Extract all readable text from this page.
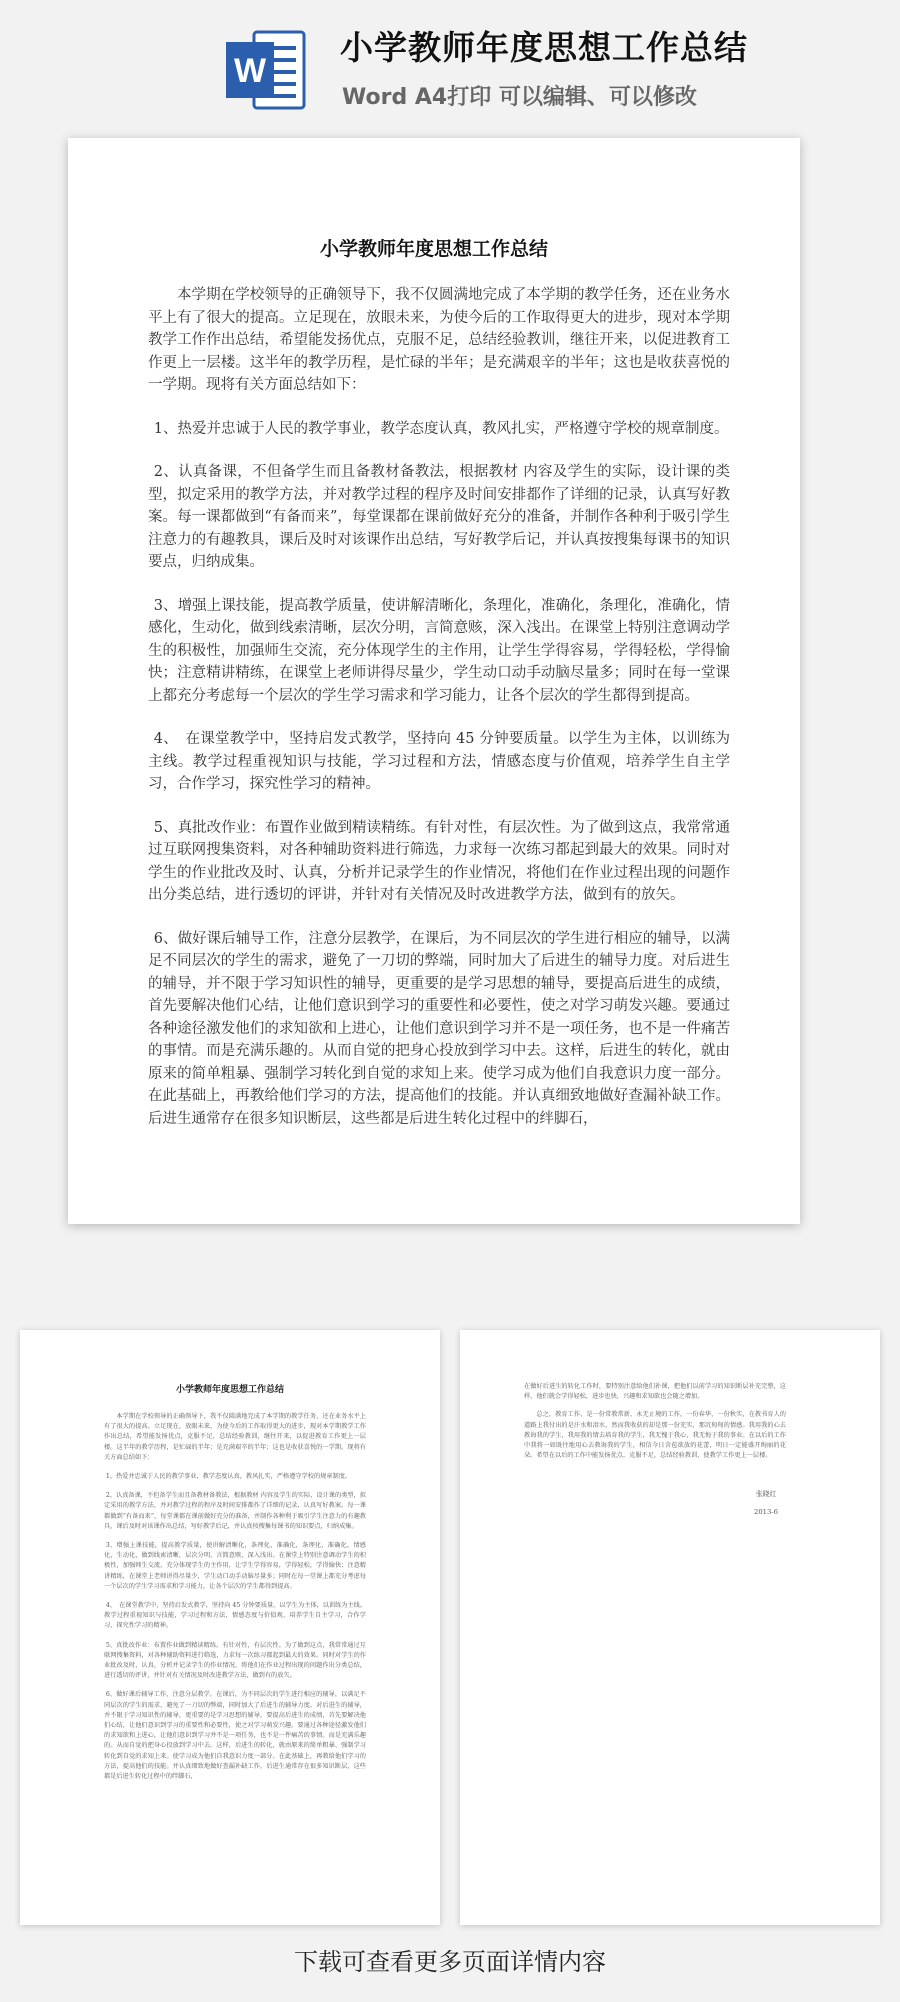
W
小学教师年度思想工作总结
Word A4打印 可以编辑、可以修改
小学教师年度思想工作总结

本学期在学校领导的正确领导下，我不仅圆满地完成了本学期的教学任务，还在业务水平上有了很大的提高。立足现在，放眼未来，为使今后的工作取得更大的进步，现对本学期教学工作作出总结，希望能发扬优点，克服不足，总结经验教训，继往开来，以促进教育工作更上一层楼。这半年的教学历程，是忙碌的半年；是充满艰辛的半年；这也是收获喜悦的一学期。现将有关方面总结如下：

1、热爱并忠诚于人民的教学事业，教学态度认真，教风扎实，严格遵守学校的规章制度。

2、认真备课，不但备学生而且备教材备教法，根据教材 内容及学生的实际，设计课的类型，拟定采用的教学方法，并对教学过程的程序及时间安排都作了详细的记录，认真写好教案。每一课都做到“有备而来”，每堂课都在课前做好充分的准备，并制作各种利于吸引学生注意力的有趣教具，课后及时对该课作出总结，写好教学后记，并认真按搜集每课书的知识要点，归纳成集。

3、增强上课技能，提高教学质量，使讲解清晰化，条理化，准确化，条理化，准确化，情感化，生动化，做到线索清晰，层次分明，言简意赅，深入浅出。在课堂上特别注意调动学生的积极性，加强师生交流，充分体现学生的主作用，让学生学得容易，学得轻松，学得愉快；注意精讲精练，在课堂上老师讲得尽量少，学生动口动手动脑尽量多；同时在每一堂课上都充分考虑每一个层次的学生学习需求和学习能力，让各个层次的学生都得到提高。

4、　在课堂教学中，坚持启发式教学，坚持向 45 分钟要质量。以学生为主体，以训练为主线。教学过程重视知识与技能，学习过程和方法，情感态度与价值观，培养学生自主学习，合作学习，探究性学习的精神。

5、真批改作业：布置作业做到精读精练。有针对性，有层次性。为了做到这点，我常常通过互联网搜集资料，对各种辅助资料进行筛选，力求每一次练习都起到最大的效果。同时对学生的作业批改及时、认真，分析并记录学生的作业情况，将他们在作业过程出现的问题作出分类总结，进行透切的评讲，并针对有关情况及时改进教学方法，做到有的放矢。

6、做好课后辅导工作，注意分层教学，在课后，为不同层次的学生进行相应的辅导，以满足不同层次的学生的需求，避免了一刀切的弊端，同时加大了后进生的辅导力度。对后进生的辅导，并不限于学习知识性的辅导，更重要的是学习思想的辅导，要提高后进生的成绩，首先要解决他们心结，让他们意识到学习的重要性和必要性，使之对学习萌发兴趣。要通过各种途径激发他们的求知欲和上进心，让他们意识到学习并不是一项任务，也不是一件痛苦的事情。而是充满乐趣的。从而自觉的把身心投放到学习中去。这样，后进生的转化，就由原来的简单粗暴、强制学习转化到自觉的求知上来。使学习成为他们自我意识力度一部分。在此基础上，再教给他们学习的方法，提高他们的技能。并认真细致地做好查漏补缺工作。后进生通常存在很多知识断层，这些都是后进生转化过程中的绊脚石，

小学教师年度思想工作总结

本学期在学校领导的正确领导下，我不仅圆满地完成了本学期的教学任务，还在业务水平上有了很大的提高。立足现在，放眼未来，为使今后的工作取得更大的进步，现对本学期教学工作作出总结，希望能发扬优点，克服不足，总结经验教训，继往开来，以促进教育工作更上一层楼。这半年的教学历程，是忙碌的半年；是充满艰辛的半年；这也是收获喜悦的一学期。现将有关方面总结如下：

1、热爱并忠诚于人民的教学事业，教学态度认真，教风扎实，严格遵守学校的规章制度。

2、认真备课，不但备学生而且备教材备教法，根据教材 内容及学生的实际，设计课的类型，拟定采用的教学方法，并对教学过程的程序及时间安排都作了详细的记录，认真写好教案。每一课都做到“有备而来”，每堂课都在课前做好充分的准备，并制作各种利于吸引学生注意力的有趣教具，课后及时对该课作出总结，写好教学后记，并认真按搜集每课书的知识要点，归纳成集。

3、增强上课技能，提高教学质量，使讲解清晰化，条理化，准确化，条理化，准确化，情感化，生动化，做到线索清晰，层次分明，言简意赅，深入浅出。在课堂上特别注意调动学生的积极性，加强师生交流，充分体现学生的主作用，让学生学得容易，学得轻松，学得愉快；注意精讲精练，在课堂上老师讲得尽量少，学生动口动手动脑尽量多；同时在每一堂课上都充分考虑每一个层次的学生学习需求和学习能力，让各个层次的学生都得到提高。

4、　在课堂教学中，坚持启发式教学，坚持向 45 分钟要质量。以学生为主体，以训练为主线。教学过程重视知识与技能，学习过程和方法，情感态度与价值观，培养学生自主学习，合作学习，探究性学习的精神。

5、真批改作业：布置作业做到精读精练。有针对性，有层次性。为了做到这点，我常常通过互联网搜集资料，对各种辅助资料进行筛选，力求每一次练习都起到最大的效果。同时对学生的作业批改及时、认真，分析并记录学生的作业情况，将他们在作业过程出现的问题作出分类总结，进行透切的评讲，并针对有关情况及时改进教学方法，做到有的放矢。

6、做好课后辅导工作，注意分层教学，在课后，为不同层次的学生进行相应的辅导，以满足不同层次的学生的需求，避免了一刀切的弊端，同时加大了后进生的辅导力度。对后进生的辅导，并不限于学习知识性的辅导，更重要的是学习思想的辅导，要提高后进生的成绩，首先要解决他们心结，让他们意识到学习的重要性和必要性，使之对学习萌发兴趣。要通过各种途径激发他们的求知欲和上进心，让他们意识到学习并不是一项任务，也不是一件痛苦的事情。而是充满乐趣的。从而自觉的把身心投放到学习中去。这样，后进生的转化，就由原来的简单粗暴、强制学习转化到自觉的求知上来。使学习成为他们自我意识力度一部分。在此基础上，再教给他们学习的方法，提高他们的技能。并认真细致地做好查漏补缺工作。后进生通常存在很多知识断层，这些都是后进生转化过程中的绊脚石，

在做好后进生的转化工作时，要特别注意给他们补课，把他们以前学习的知识断层补充完整，这样，他们就会学得轻松，进步也快，兴趣和求知欲也会随之增加。

总之，教育工作，是一份常教常新、永无止境的工作，一份春华，一份秋实，在教书育人的道路上我付出的是汗水和泪水，然而我收获的却是那一份充实，那沉甸甸的情感。我用我的心去教诲我的学生，我用我的情去培育我的学生，我无愧于我心，我无悔于我的事业。在以后的工作中我将一如既往地用心去教诲我的学生，相信今日含苞欲放的花蕾，明日一定能盛开绚丽的花朵。希望在以后的工作中能发扬优点，克服不足，总结经验教训，使教学工作更上一层楼。

张晓红
2013-6
下载可查看更多页面详情内容
